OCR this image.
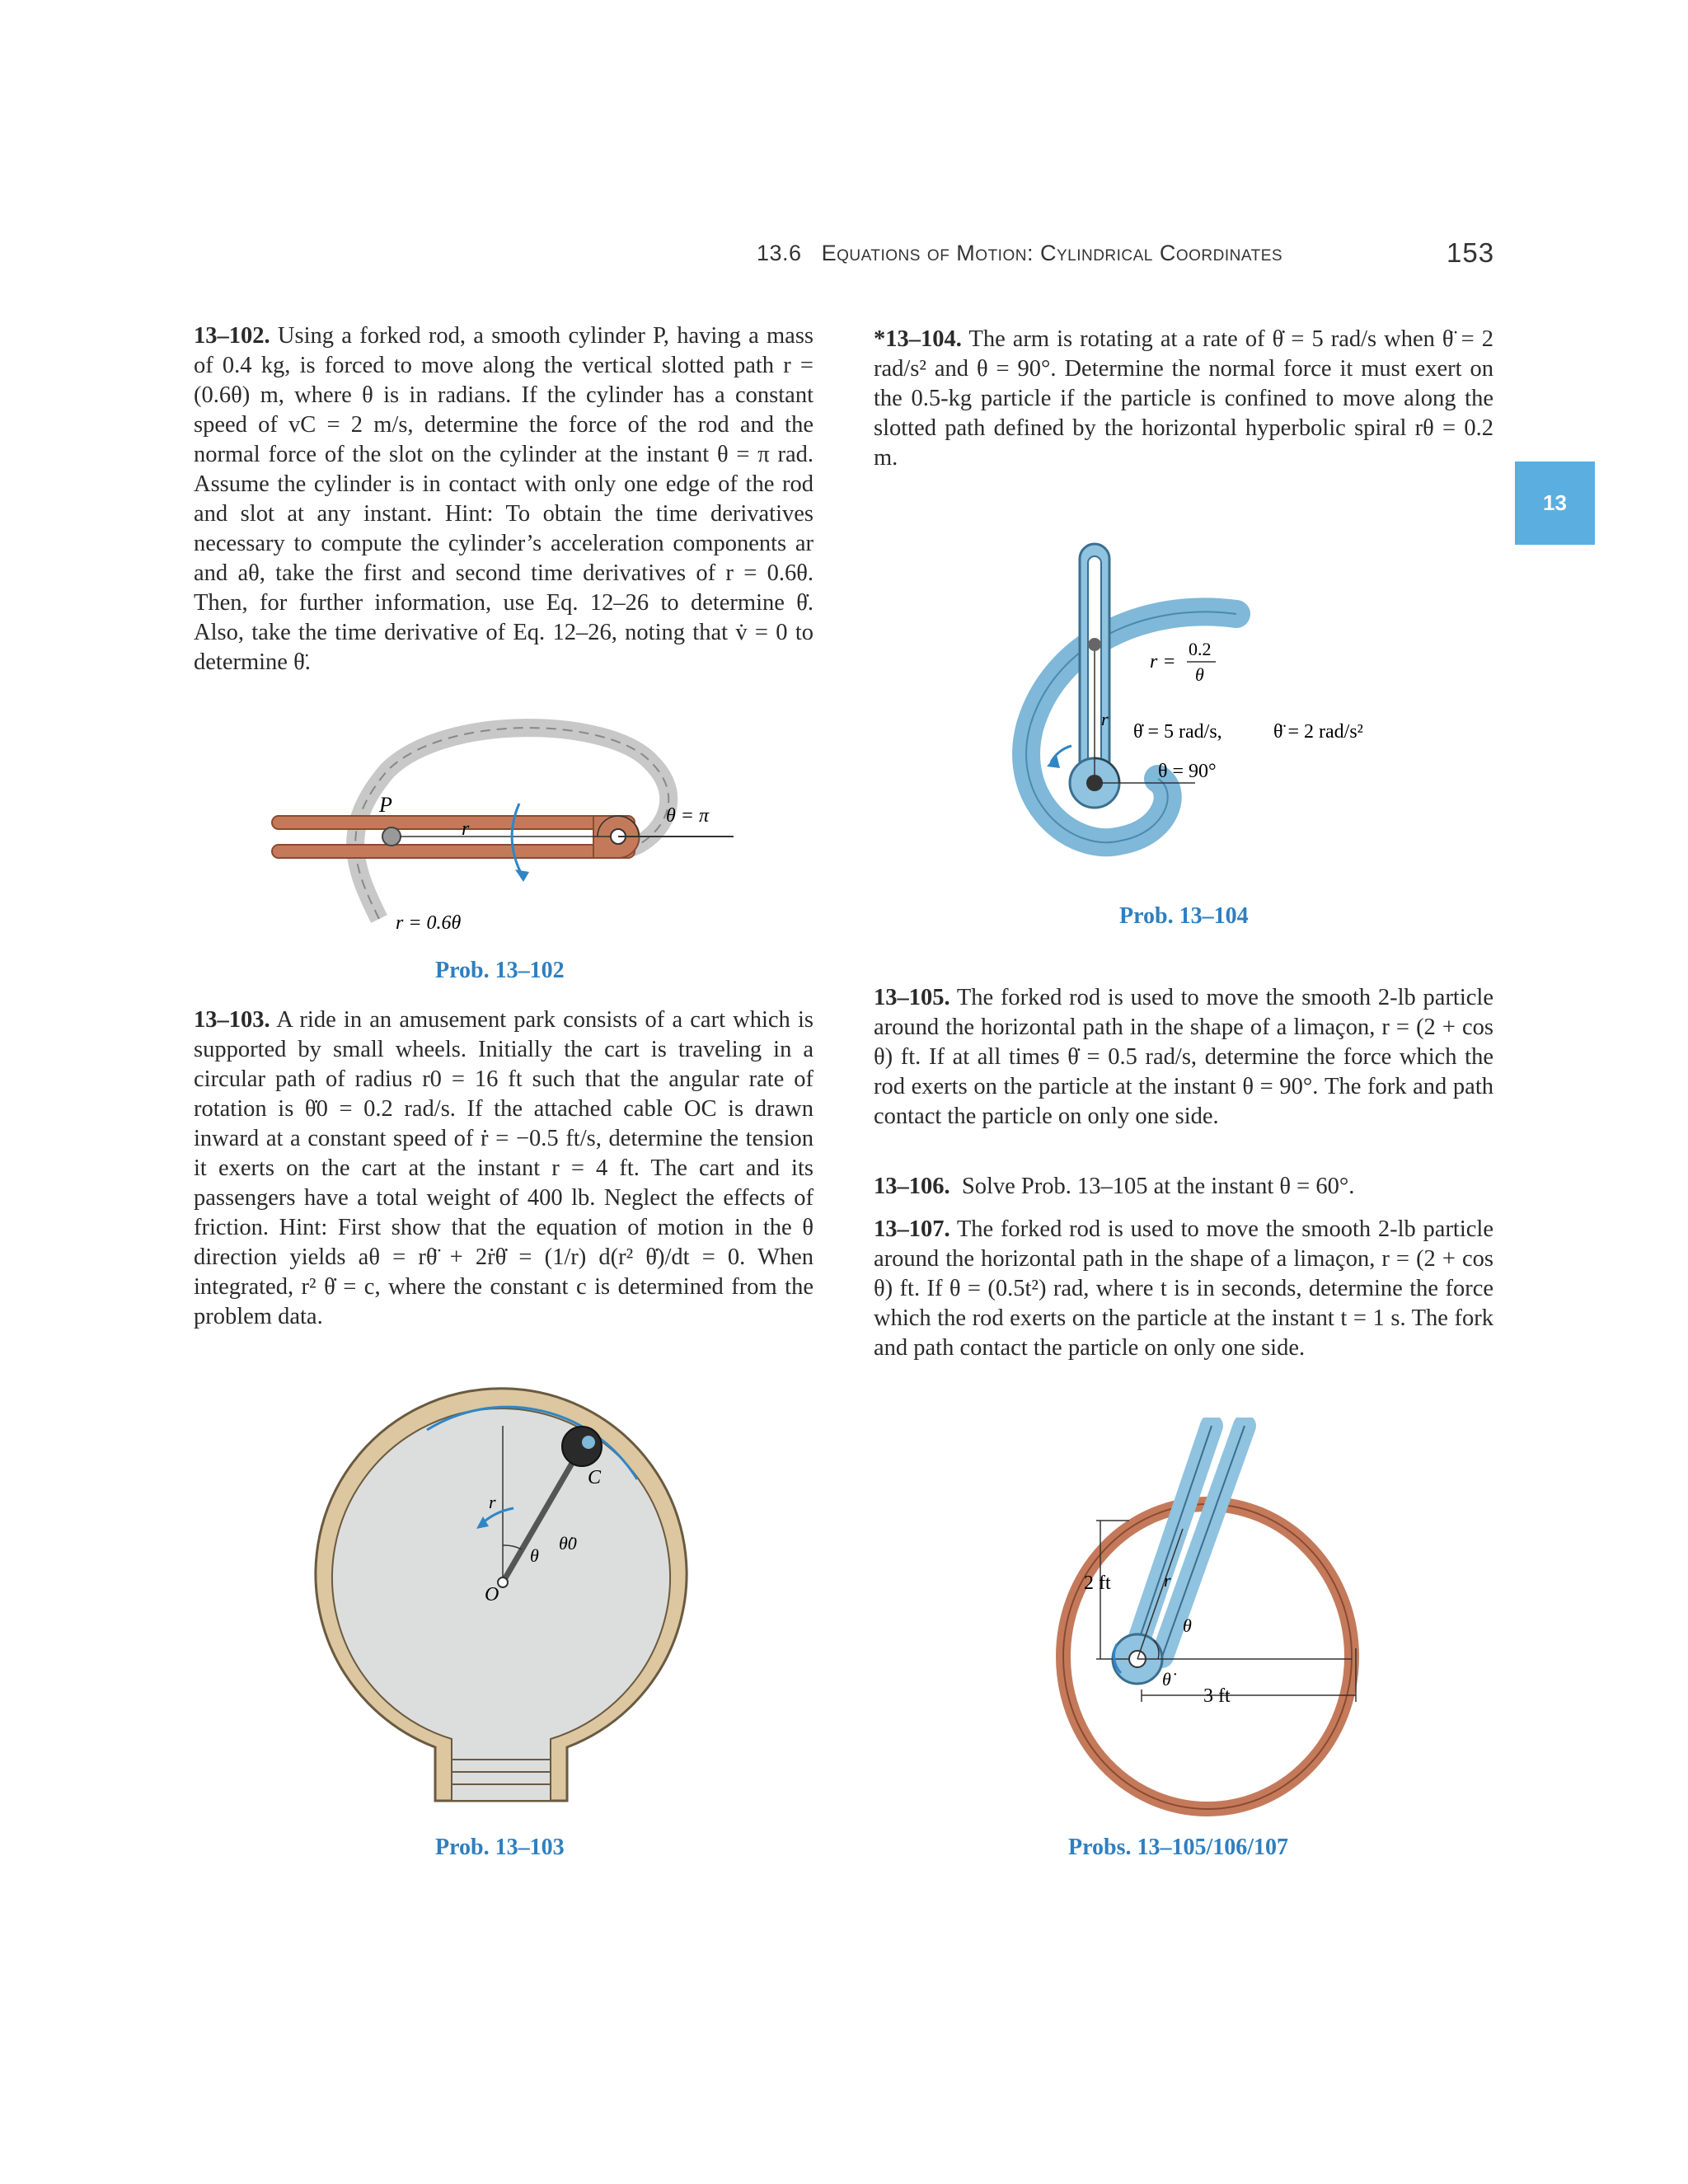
13.6 Equations of Motion: Cylindrical Coordinates	153
13
13–102. Using a forked rod, a smooth cylinder P, having a mass of 0.4 kg, is forced to move along the vertical slotted path r = (0.6θ) m, where θ is in radians. If the cylinder has a constant speed of vC = 2 m/s, determine the force of the rod and the normal force of the slot on the cylinder at the instant θ = π rad. Assume the cylinder is in contact with only one edge of the rod and slot at any instant. Hint: To obtain the time derivatives necessary to compute the cylinder’s acceleration components ar and aθ, take the first and second time derivatives of r = 0.6θ. Then, for further information, use Eq. 12–26 to determine θ̇. Also, take the time derivative of Eq. 12–26, noting that v̇ = 0 to determine θ̈.
*13–104. The arm is rotating at a rate of θ̇ = 5 rad/s when θ̈ = 2 rad/s² and θ = 90°. Determine the normal force it must exert on the 0.5-kg particle if the particle is confined to move along the slotted path defined by the horizontal hyperbolic spiral rθ = 0.2 m.
P
r
θ = π
r = 0.6θ
Prob. 13–102
r =
0.2
θ
r
θ̇ = 5 rad/s,	θ̈ = 2 rad/s²
θ = 90°
Prob. 13–104
13–103. A ride in an amusement park consists of a cart which is supported by small wheels. Initially the cart is traveling in a circular path of radius r0 = 16 ft such that the angular rate of rotation is θ̇0 = 0.2 rad/s. If the attached cable OC is drawn inward at a constant speed of ṙ = −0.5 ft/s, determine the tension it exerts on the cart at the instant r = 4 ft. The cart and its passengers have a total weight of 400 lb. Neglect the effects of friction. Hint: First show that the equation of motion in the θ direction yields aθ = rθ̈ + 2ṙθ̇ = (1/r) d(r² θ̇)/dt = 0. When integrated, r² θ̇ = c, where the constant c is determined from the problem data.
13–105. The forked rod is used to move the smooth 2-lb particle around the horizontal path in the shape of a limaçon, r = (2 + cos θ) ft. If at all times θ̇ = 0.5 rad/s, determine the force which the rod exerts on the particle at the instant θ = 90°. The fork and path contact the particle on only one side.
13–106. Solve Prob. 13–105 at the instant θ = 60°.
13–107. The forked rod is used to move the smooth 2-lb particle around the horizontal path in the shape of a limaçon, r = (2 + cos θ) ft. If θ = (0.5t²) rad, where t is in seconds, determine the force which the rod exerts on the particle at the instant t = 1 s. The fork and path contact the particle on only one side.
C
O
r
θ
θ̇0
Prob. 13–103
2 ft
3 ft
r
θ
θ̇
Probs. 13–105/106/107
